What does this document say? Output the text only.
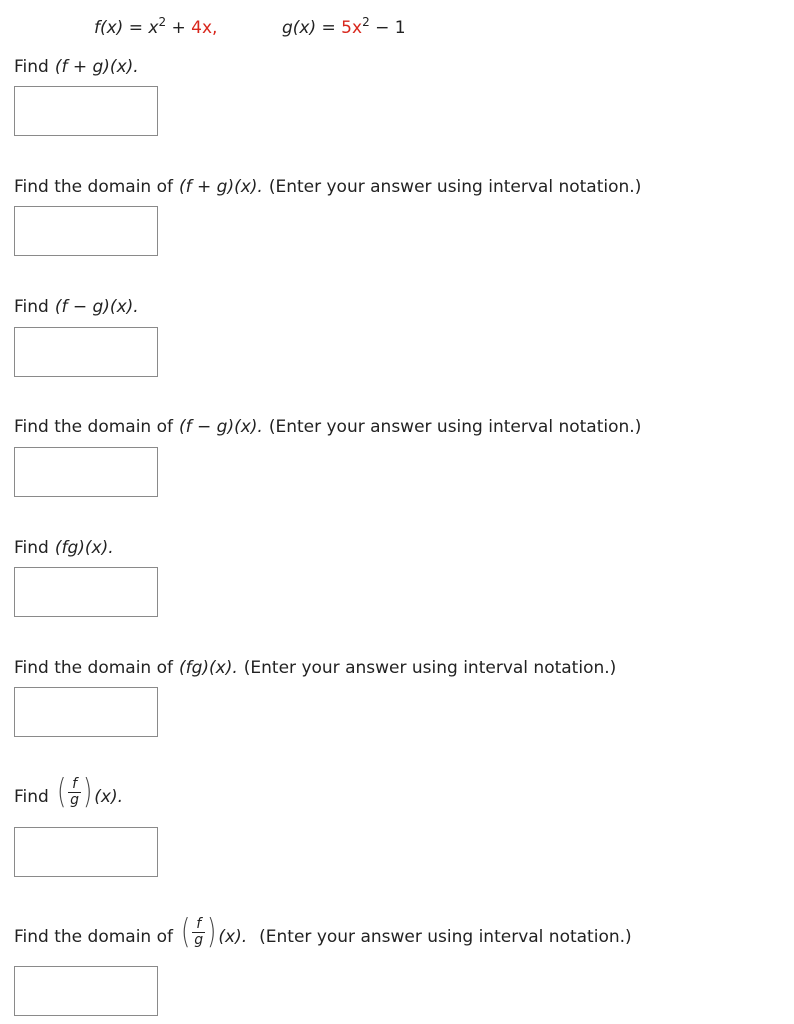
$f(x) = x^2 + 4x$,	$g(x) = 5x^2 - 1$
Find (f + g)(x).
Find the domain of (f + g)(x). (Enter your answer using interval notation.)
Find (f − g)(x).
Find the domain of (f − g)(x). (Enter your answer using interval notation.)
Find (fg)(x).
Find the domain of (fg)(x). (Enter your answer using interval notation.)
Find ( $\frac{f}{g}$ ) (x).
Find the domain of ( $\frac{f}{g}$ ) (x). (Enter your answer using interval notation.)
